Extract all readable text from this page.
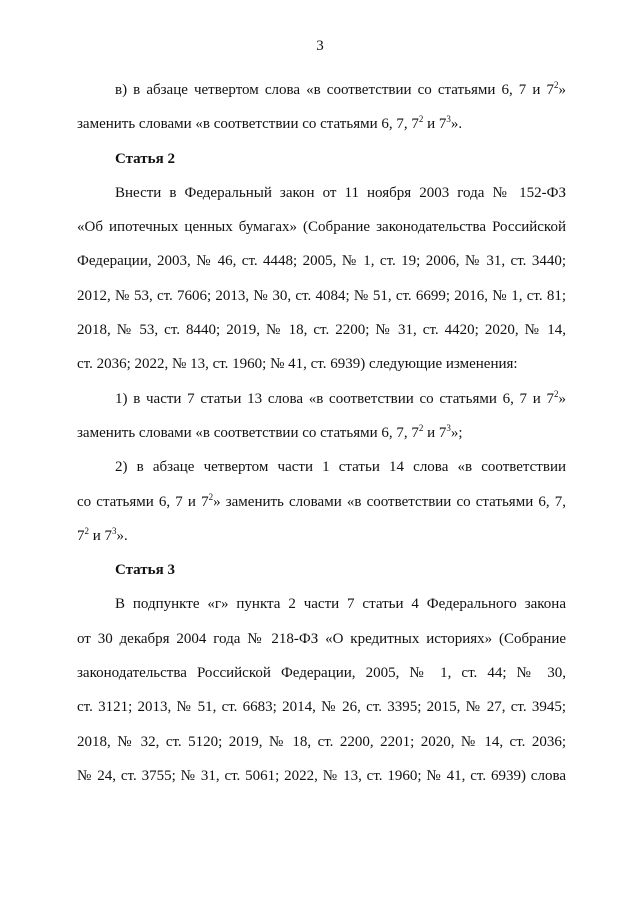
3
в) в абзаце четвертом слова «в соответствии со статьями 6, 7 и $7^2$»
заменить словами «в соответствии со статьями 6, 7, $7^2$ и $7^3$».
Статья 2
Внести в Федеральный закон от 11 ноября 2003 года № 152-ФЗ
«Об ипотечных ценных бумагах» (Собрание законодательства Российской
Федерации, 2003, № 46, ст. 4448; 2005, № 1, ст. 19; 2006, № 31, ст. 3440;
2012, № 53, ст. 7606; 2013, № 30, ст. 4084; № 51, ст. 6699; 2016, № 1, ст. 81;
2018, № 53, ст. 8440; 2019, № 18, ст. 2200; № 31, ст. 4420; 2020, № 14,
ст. 2036; 2022, № 13, ст. 1960; № 41, ст. 6939) следующие изменения:
1) в части 7 статьи 13 слова «в соответствии со статьями 6, 7 и $7^2$»
заменить словами «в соответствии со статьями 6, 7, $7^2$ и $7^3$»;
2) в абзаце четвертом части 1 статьи 14 слова «в соответствии
со статьями 6, 7 и $7^2$» заменить словами «в соответствии со статьями 6, 7,
$7^2$ и $7^3$».
Статья 3
В подпункте «г» пункта 2 части 7 статьи 4 Федерального закона
от 30 декабря 2004 года № 218-ФЗ «О кредитных историях» (Собрание
законодательства Российской Федерации, 2005, № 1, ст. 44; № 30,
ст. 3121; 2013, № 51, ст. 6683; 2014, № 26, ст. 3395; 2015, № 27, ст. 3945;
2018, № 32, ст. 5120; 2019, № 18, ст. 2200, 2201; 2020, № 14, ст. 2036;
№ 24, ст. 3755; № 31, ст. 5061; 2022, № 13, ст. 1960; № 41, ст. 6939) слова
